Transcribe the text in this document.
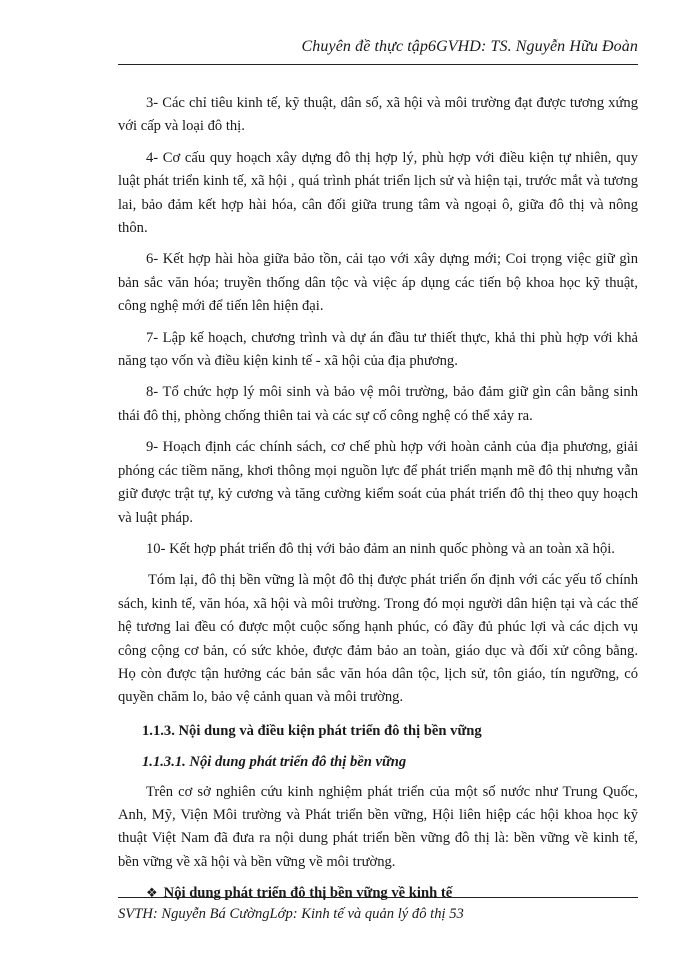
Chuyên đề thực tập6GVHD: TS. Nguyễn Hữu Đoàn

3- Các chỉ tiêu kinh tế, kỹ thuật, dân số, xã hội và môi trường đạt được tương xứng với cấp và loại đô thị.

4- Cơ cấu quy hoạch xây dựng đô thị hợp lý, phù hợp với điều kiện tự nhiên, quy luật phát triển kinh tế, xã hội , quá trình phát triển lịch sử và hiện tại, trước mắt và tương lai, bảo đảm kết hợp hài hóa, cân đối giữa trung tâm và ngoại ô, giữa đô thị và nông thôn.

6- Kết hợp hài hòa giữa bảo tồn, cải tạo với xây dựng mới; Coi trọng việc giữ gìn bản sắc văn hóa; truyền thống dân tộc và việc áp dụng các tiến bộ khoa học kỹ thuật, công nghệ mới để tiến lên hiện đại.

7- Lập kế hoạch, chương trình và dự án đầu tư thiết thực, khả thi phù hợp với khả năng tạo vốn và điều kiện kinh tế - xã hội của địa phương.

8- Tổ chức hợp lý môi sinh và bảo vệ môi trường, bảo đảm giữ gìn cân bằng sinh thái đô thị, phòng chống thiên tai và các sự cố công nghệ có thể xảy ra.

9- Hoạch định các chính sách, cơ chế phù hợp với hoàn cảnh của địa phương, giải phóng các tiềm năng, khơi thông mọi nguồn lực để phát triển mạnh mẽ đô thị nhưng vẫn giữ được trật tự, kỷ cương và tăng cường kiểm soát của phát triển đô thị theo quy hoạch và luật pháp.

10- Kết hợp phát triển đô thị với bảo đảm an ninh quốc phòng và an toàn xã hội.

Tóm lại, đô thị bền vững là một đô thị được phát triển ổn định với các yếu tố chính sách, kinh tế, văn hóa, xã hội và môi trường. Trong đó mọi người dân hiện tại và các thế hệ tương lai đều có được một cuộc sống hạnh phúc, có đầy đủ phúc lợi và các dịch vụ công cộng cơ bản, có sức khỏe, được đảm bảo an toàn, giáo dục và đối xử công bằng. Họ còn được tận hưởng các bản sắc văn hóa dân tộc, lịch sử, tôn giáo, tín ngưỡng, có quyền chăm lo, bảo vệ cảnh quan và môi trường.

1.1.3. Nội dung và điều kiện phát triển đô thị bền vững
1.1.3.1. Nội dung phát triển đô thị bền vững

Trên cơ sở nghiên cứu kinh nghiệm phát triển của một số nước như Trung Quốc, Anh, Mỹ, Viện Môi trường và Phát triển bền vững, Hội liên hiệp các hội khoa học kỹ thuật Việt Nam đã đưa ra nội dung phát triển bền vững đô thị là: bền vững về kinh tế, bền vững về xã hội và bền vững về môi trường.

❖ Nội dung phát triển đô thị bền vững về kinh tế
SVTH: Nguyễn Bá CườngLớp: Kinh tế và quản lý đô thị 53
